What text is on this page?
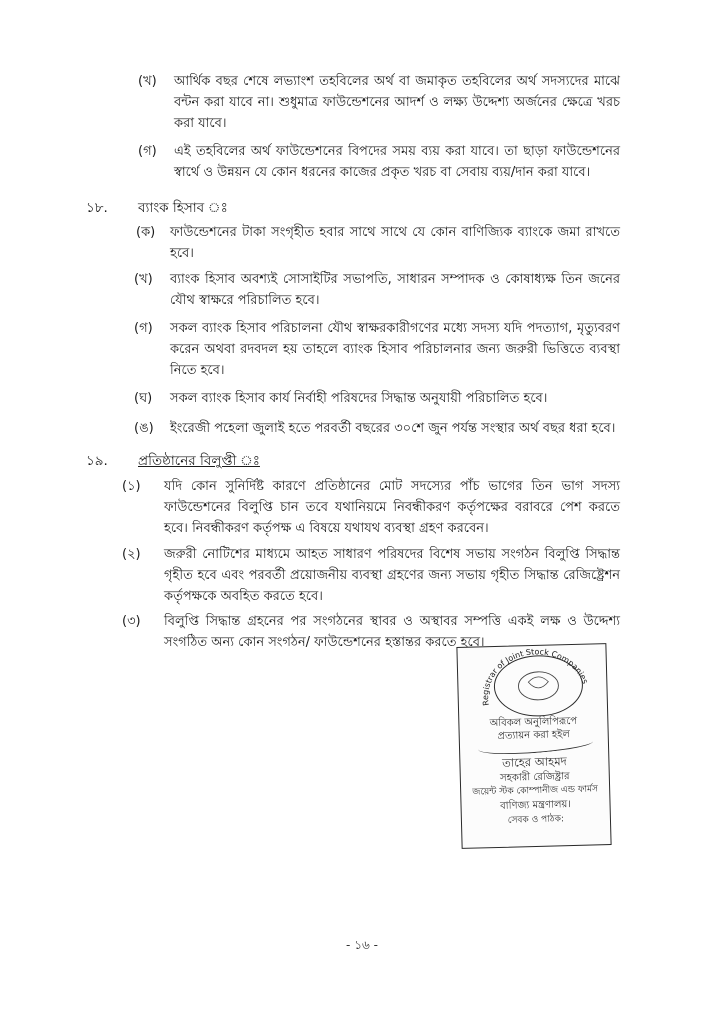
(খ)	আর্থিক বছর শেষে লভ্যাংশ তহবিলের অর্থ বা জমাকৃত তহবিলের অর্থ সদস্যদের মাঝে বন্টন করা যাবে না। শুধুমাত্র ফাউন্ডেশনের আদর্শ ও লক্ষ্য উদ্দেশ্য অর্জনের ক্ষেত্রে খরচ করা যাবে।
(গ)	এই তহবিলের অর্থ ফাউন্ডেশনের বিপদের সময় ব্যয় করা যাবে। তা ছাড়া ফাউন্ডেশনের স্বার্থে ও উন্নয়ন যে কোন ধরনের কাজের প্রকৃত খরচ বা সেবায় ব্যয়/দান করা যাবে।
১৮.	ব্যাংক হিসাব ঃ
(ক)	ফাউন্ডেশনের টাকা সংগৃহীত হবার সাথে সাথে যে কোন বাণিজ্যিক ব্যাংকে জমা রাখতে হবে।
(খ)	ব্যাংক হিসাব অবশ্যই সোসাইটির সভাপতি, সাধারন সম্পাদক ও কোষাধ্যক্ষ তিন জনের যৌথ স্বাক্ষরে পরিচালিত হবে।
(গ)	সকল ব্যাংক হিসাব পরিচালনা যৌথ স্বাক্ষরকারীগণের মধ্যে সদস্য যদি পদত্যাগ, মৃত্যুবরণ করেন অথবা রদবদল হয় তাহলে ব্যাংক হিসাব পরিচালনার জন্য জরুরী ভিত্তিতে ব্যবস্থা নিতে হবে।
(ঘ)	সকল ব্যাংক হিসাব কার্য নির্বাহী পরিষদের সিদ্ধান্ত অনুযায়ী পরিচালিত হবে।
(ঙ)	ইংরেজী পহেলা জুলাই হতে পরবর্তী বছরের ৩০শে জুন পর্যন্ত সংস্থার অর্থ বছর ধরা হবে।
১৯.	প্রতিষ্ঠানের বিলুপ্তী ঃ
(১)	যদি কোন সুনির্দিষ্ট কারণে প্রতিষ্ঠানের মোট সদস্যের পাঁচ ভাগের তিন ভাগ সদস্য ফাউন্ডেশনের বিলুপ্তি চান তবে যথানিয়মে নিবন্ধীকরণ কর্তৃপক্ষের বরাবরে পেশ করতে হবে। নিবন্ধীকরণ কর্তৃপক্ষ এ বিষয়ে যথাযথ ব্যবস্থা গ্রহণ করবেন।
(২)	জরুরী নোটিশের মাধ্যমে আহত সাধারণ পরিষদের বিশেষ সভায় সংগঠন বিলুপ্তি সিদ্ধান্ত গৃহীত হবে এবং পরবর্তী প্রয়োজনীয় ব্যবস্থা গ্রহণের জন্য সভায় গৃহীত সিদ্ধান্ত রেজিষ্ট্রেশন কর্তৃপক্ষকে অবহিত করতে হবে।
(৩)	বিলুপ্তি সিদ্ধান্ত গ্রহনের পর সংগঠনের স্থাবর ও অস্থাবর সম্পত্তি একই লক্ষ ও উদ্দেশ্য সংগঠিত অন্য কোন সংগঠন/ ফাউন্ডেশনের হস্তান্তর করতে হবে।
Registrar of Joint Stock Companies
অবিকল অনুলিপিরূপে
প্রত্যায়ন করা হইল
তাহের আহমদ
সহকারী রেজিষ্ট্রার
জয়েন্ট স্টক কোম্পানীজ এন্ড ফার্মস
বাণিজ্য মন্ত্রণালয়।
সেবক ও পাঠক:
- ১৬ -
